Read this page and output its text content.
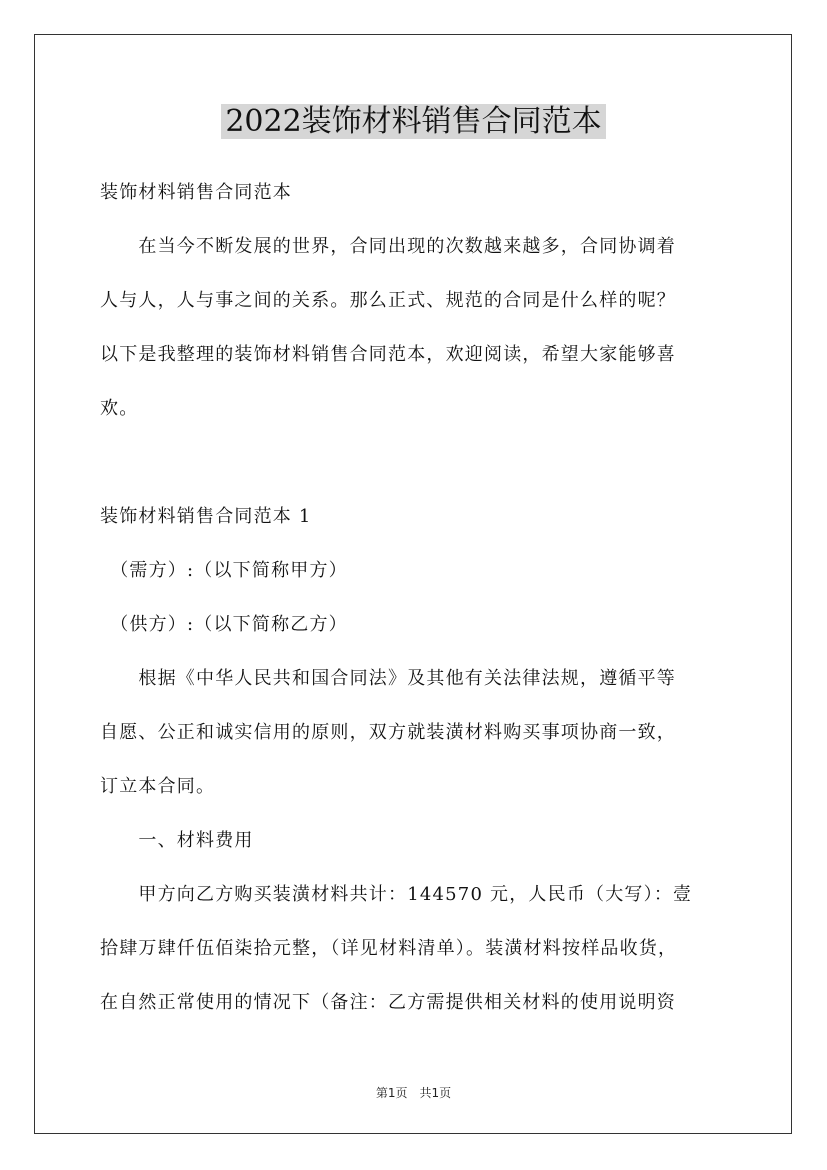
2022装饰材料销售合同范本
装饰材料销售合同范本
　　在当今不断发展的世界，合同出现的次数越来越多，合同协调着
人与人，人与事之间的关系。那么正式、规范的合同是什么样的呢？
以下是我整理的装饰材料销售合同范本，欢迎阅读，希望大家能够喜
欢。
装饰材料销售合同范本 1
　（需方）:（以下简称甲方）
　（供方）:（以下简称乙方）
　　根据《中华人民共和国合同法》及其他有关法律法规，遵循平等
自愿、公正和诚实信用的原则，双方就装潢材料购买事项协商一致，
订立本合同。
　　一、材料费用
　　甲方向乙方购买装潢材料共计：144570 元，人民币（大写）：壹
拾肆万肆仟伍佰柒拾元整，（详见材料清单）。装潢材料按样品收货，
在自然正常使用的情况下（备注：乙方需提供相关材料的使用说明资
第1页　共1页
